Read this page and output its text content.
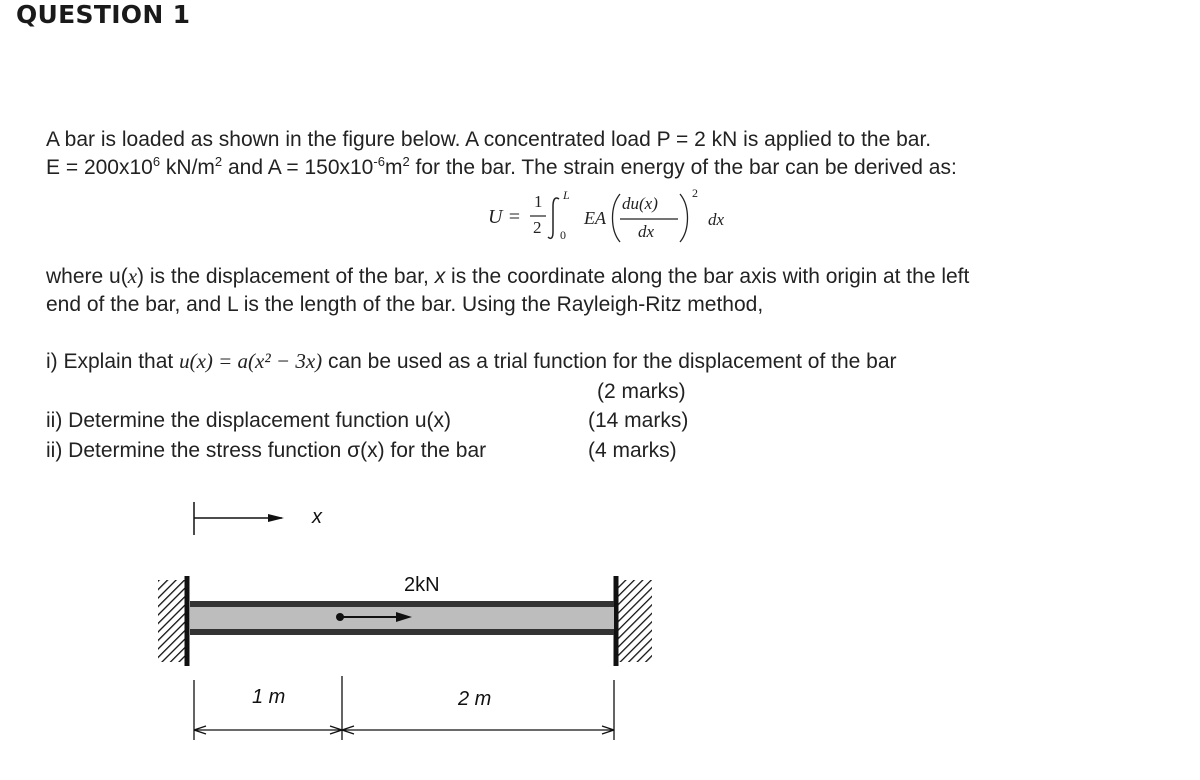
QUESTION 1
A bar is loaded as shown in the figure below. A concentrated load P = 2 kN is applied to the bar.
$E = 200x10^6$ $kN/m^2$ and $A = 150x10^{-6}m^2$ for the bar. The strain energy of the bar can be derived as:
U =
1
2
L
0
EA
du(x)
dx
2
dx
where u(x) is the displacement of the bar, x is the coordinate along the bar axis with origin at the left
end of the bar, and L is the length of the bar. Using the Rayleigh-Ritz method,
i) Explain that u(x) = a(x² − 3x) can be used as a trial function for the displacement of the bar
(2 marks)
ii) Determine the displacement function u(x)	(14 marks)
ii) Determine the stress function σ(x) for the bar	(4 marks)
x
2kN
1 m	2 m
